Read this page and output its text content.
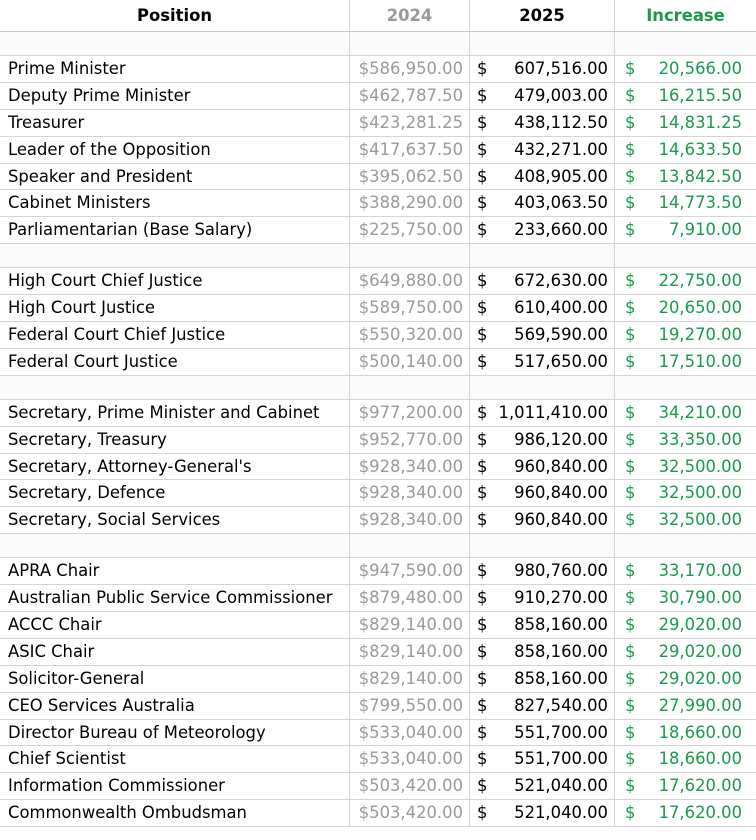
Position	2024	2025	Increase
Prime Minister	$586,950.00 $ 607,516.00 $ 20,566.00
Deputy Prime Minister	$462,787.50 $ 479,003.00 $ 16,215.50
Treasurer	$423,281.25 $ 438,112.50 $ 14,831.25
Leader of the Opposition	$417,637.50 $ 432,271.00 $ 14,633.50
Speaker and President	$395,062.50 $ 408,905.00 $ 13,842.50
Cabinet Ministers	$388,290.00 $ 403,063.50 $ 14,773.50
Parliamentarian (Base Salary)	$225,750.00 $ 233,660.00 $ 7,910.00
High Court Chief Justice	$649,880.00 $ 672,630.00 $ 22,750.00
High Court Justice	$589,750.00 $ 610,400.00 $ 20,650.00
Federal Court Chief Justice	$550,320.00 $ 569,590.00 $ 19,270.00
Federal Court Justice	$500,140.00 $ 517,650.00 $ 17,510.00
Secretary, Prime Minister and Cabinet	$977,200.00 $ 1,011,410.00 $ 34,210.00
Secretary, Treasury	$952,770.00 $ 986,120.00 $ 33,350.00
Secretary, Attorney-General's	$928,340.00 $ 960,840.00 $ 32,500.00
Secretary, Defence	$928,340.00 $ 960,840.00 $ 32,500.00
Secretary, Social Services	$928,340.00 $ 960,840.00 $ 32,500.00
APRA Chair	$947,590.00 $ 980,760.00 $ 33,170.00
Australian Public Service Commissioner	$879,480.00 $ 910,270.00 $ 30,790.00
ACCC Chair	$829,140.00 $ 858,160.00 $ 29,020.00
ASIC Chair	$829,140.00 $ 858,160.00 $ 29,020.00
Solicitor-General	$829,140.00 $ 858,160.00 $ 29,020.00
CEO Services Australia	$799,550.00 $ 827,540.00 $ 27,990.00
Director Bureau of Meteorology	$533,040.00 $ 551,700.00 $ 18,660.00
Chief Scientist	$533,040.00 $ 551,700.00 $ 18,660.00
Information Commissioner	$503,420.00 $ 521,040.00 $ 17,620.00
Commonwealth Ombudsman	$503,420.00 $ 521,040.00 $ 17,620.00
